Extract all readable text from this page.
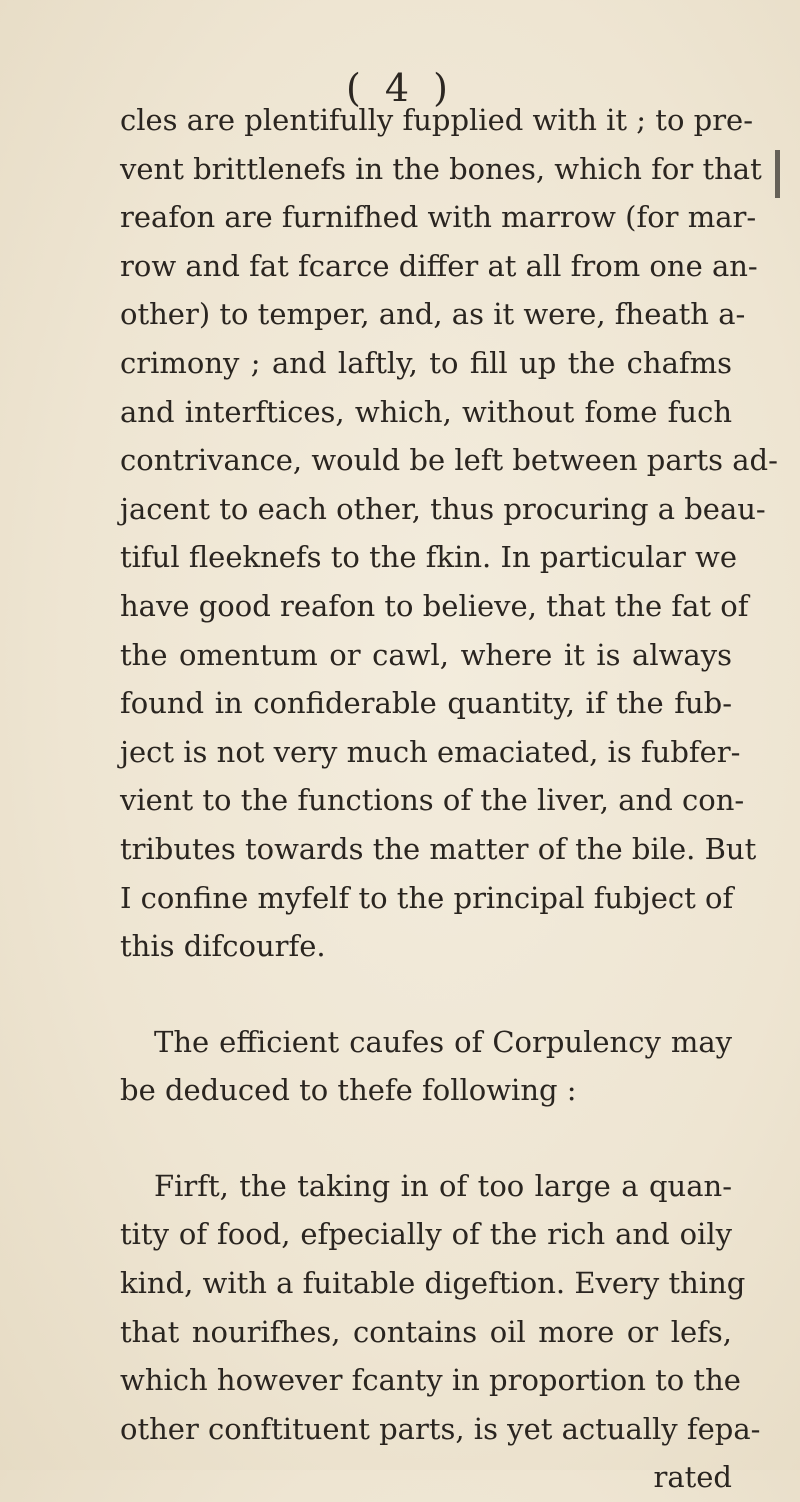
( 4 )
cles are plentifully fupplied with it ; to pre-
vent brittlenefs in the bones, which for that
reafon are furnifhed with marrow (for mar-
row and fat fcarce differ at all from one an-
other) to temper, and, as it were, fheath a-
crimony ; and laftly, to fill up the chafms
and interftices, which, without fome fuch
contrivance, would be left between parts ad-
jacent to each other, thus procuring a beau-
tiful fleeknefs to the fkin. In particular we
have good reafon to believe, that the fat of
the omentum or cawl, where it is always
found in confiderable quantity, if the fub-
ject is not very much emaciated, is fubfer-
vient to the functions of the liver, and con-
tributes towards the matter of the bile. But
I confine myfelf to the principal fubject of
this difcourfe.
The efficient caufes of Corpulency may
be deduced to thefe following :
Firft, the taking in of too large a quan-
tity of food, efpecially of the rich and oily
kind, with a fuitable digeftion. Every thing
that nourifhes, contains oil more or lefs,
which however fcanty in proportion to the
other conftituent parts, is yet actually fepa-
rated
